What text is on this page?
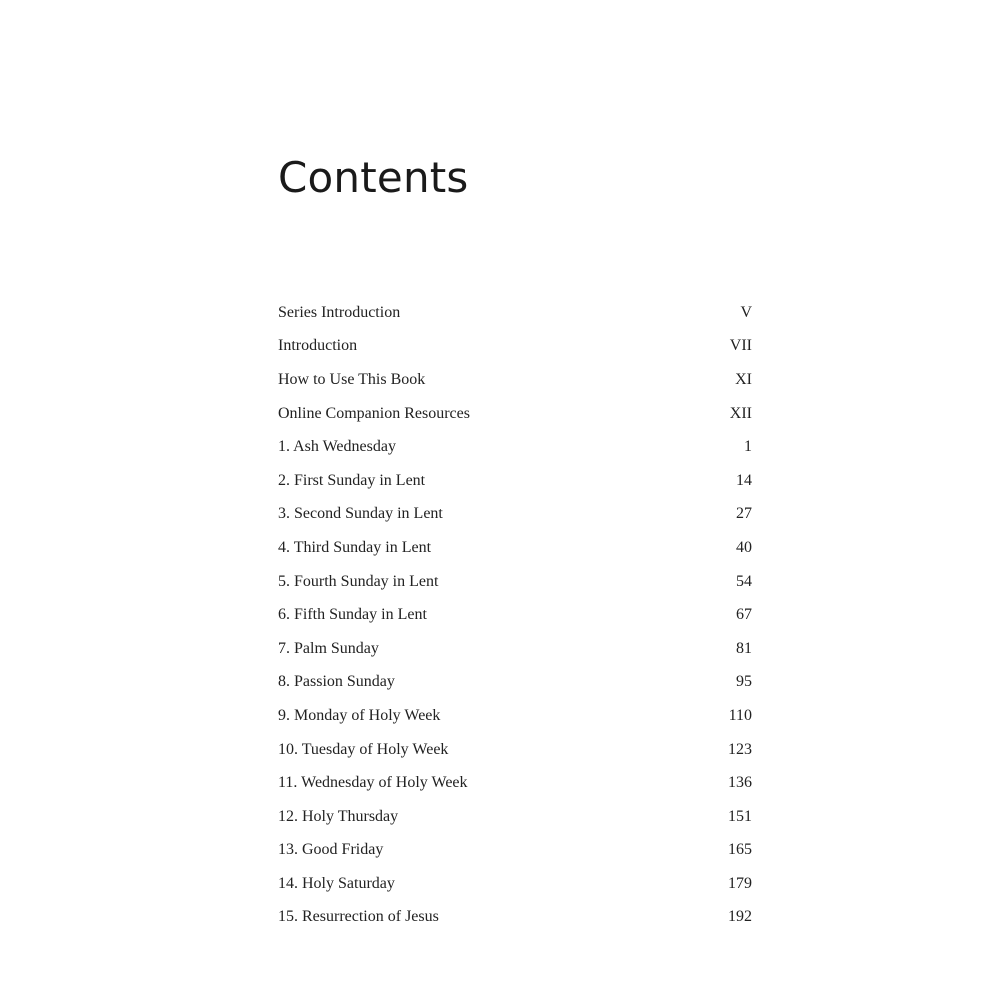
Contents
Series Introduction	V
Introduction	VII
How to Use This Book	XI
Online Companion Resources	XII
1. Ash Wednesday	1
2. First Sunday in Lent	14
3. Second Sunday in Lent	27
4. Third Sunday in Lent	40
5. Fourth Sunday in Lent	54
6. Fifth Sunday in Lent	67
7. Palm Sunday	81
8. Passion Sunday	95
9. Monday of Holy Week	110
10. Tuesday of Holy Week	123
11. Wednesday of Holy Week	136
12. Holy Thursday	151
13. Good Friday	165
14. Holy Saturday	179
15. Resurrection of Jesus	192
